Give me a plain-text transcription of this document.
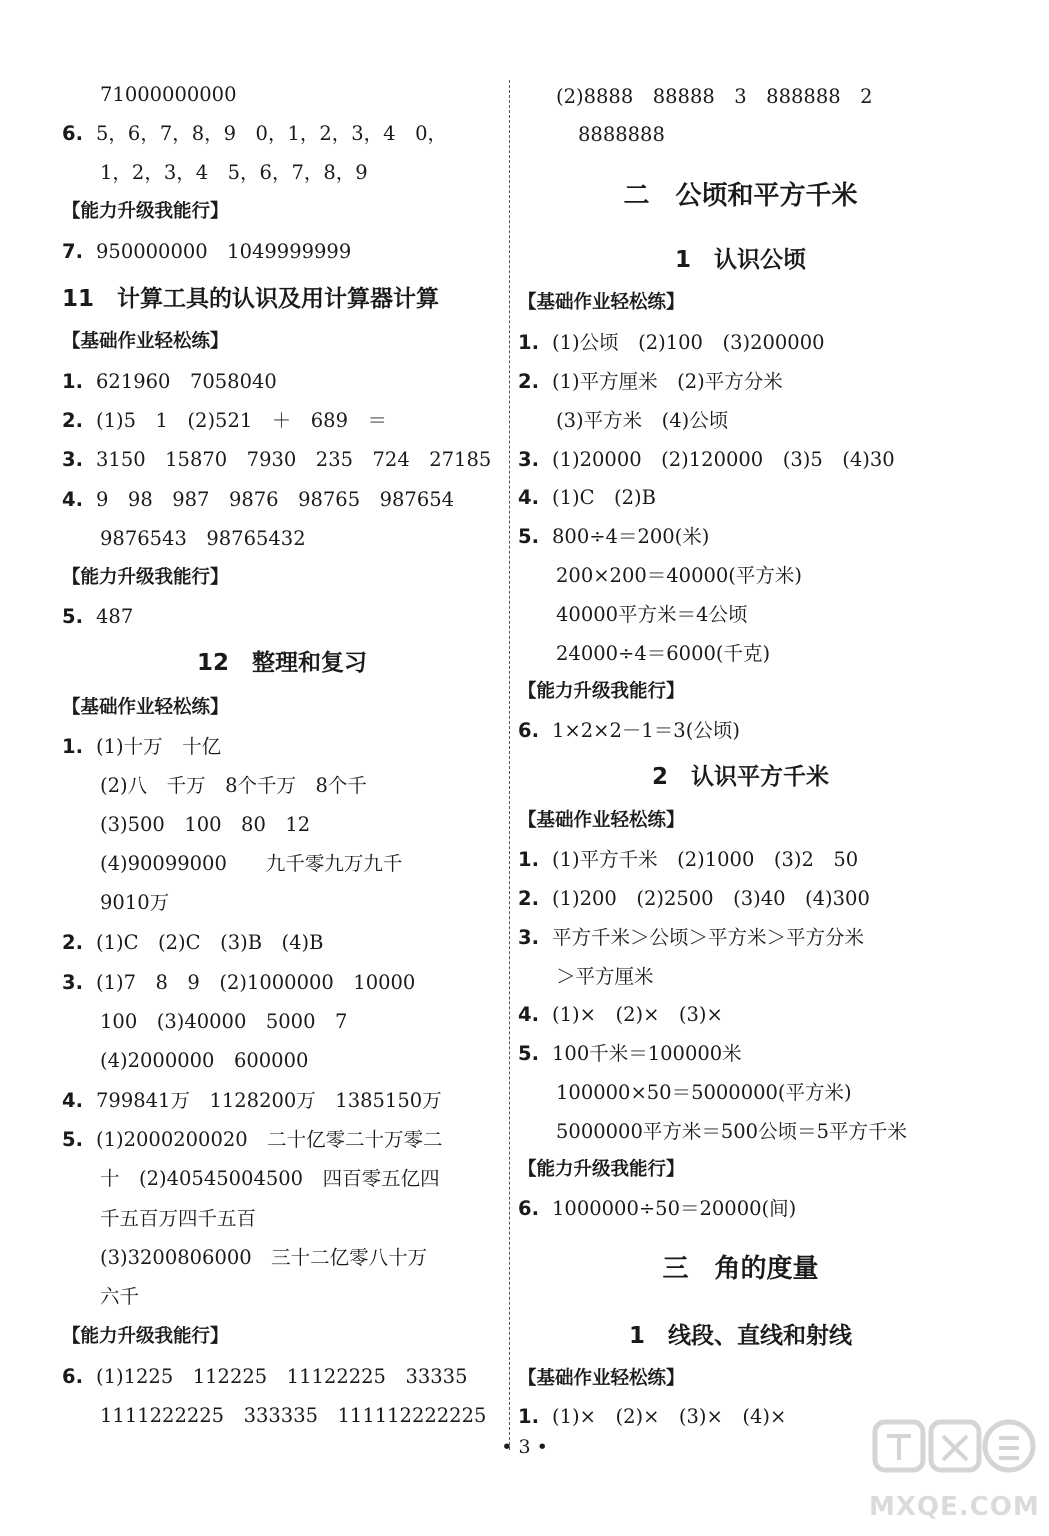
71000000000
6. 5，6，7，8，9　0，1，2，3，4　0，
1，2，3，4　5，6，7，8，9
【能力升级我能行】
7. 950000000　1049999999
11　计算工具的认识及用计算器计算
【基础作业轻松练】
1. 621960　7058040
2. (1)5　1　(2)521　＋　689　＝
3. 3150　15870　7930　235　724　27185
4. 9　98　987　9876　98765　987654
9876543　98765432
【能力升级我能行】
5. 487
12　整理和复习
【基础作业轻松练】
1. (1)十万　十亿
(2)八　千万　8个千万　8个千
(3)500　100　80　12
(4)90099000　　九千零九万九千
9010万
2. (1)C　(2)C　(3)B　(4)B
3. (1)7　8　9　(2)1000000　10000
100　(3)40000　5000　7
(4)2000000　600000
4. 799841万　1128200万　1385150万
5. (1)2000200020　二十亿零二十万零二
十　(2)40545004500　四百零五亿四
千五百万四千五百
(3)3200806000　三十二亿零八十万
六千
【能力升级我能行】
6. (1)1225　112225　11122225　33335
1111222225　333335　111112222225
(2)8888　88888　3　888888　2
8888888
二　公顷和平方千米
1　认识公顷
【基础作业轻松练】
1. (1)公顷　(2)100　(3)200000
2. (1)平方厘米　(2)平方分米
(3)平方米　(4)公顷
3. (1)20000　(2)120000　(3)5　(4)30
4. (1)C　(2)B
5. 800÷4＝200(米)
200×200＝40000(平方米)
40000平方米＝4公顷
24000÷4＝6000(千克)
【能力升级我能行】
6. 1×2×2－1＝3(公顷)
2　认识平方千米
【基础作业轻松练】
1. (1)平方千米　(2)1000　(3)2　50
2. (1)200　(2)2500　(3)40　(4)300
3. 平方千米＞公顷＞平方米＞平方分米
＞平方厘米
4. (1)×　(2)×　(3)×
5. 100千米＝100000米
100000×50＝5000000(平方米)
5000000平方米＝500公顷＝5平方千米
【能力升级我能行】
6. 1000000÷50＝20000(间)
三　角的度量
1　线段、直线和射线
【基础作业轻松练】
1. (1)×　(2)×　(3)×　(4)×
• 3 •
MXQE.COM
